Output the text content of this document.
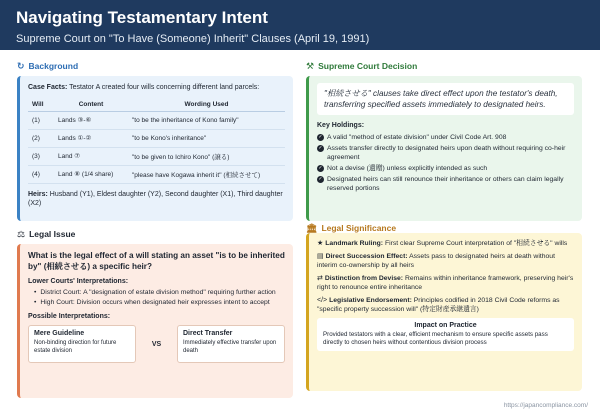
Navigating Testamentary Intent
Supreme Court on "To Have (Someone) Inherit" Clauses (April 19, 1991)
↻ Background
Case Facts: Testator A created four wills concerning different land parcels:
Will	Content	Wording Used
(1)	Lands ③-⑥	"to be the inheritance of Kono family"
(2)	Lands ①-②	"to be Kono's inheritance"
(3)	Land ⑦	"to be given to Ichiro Kono" (譲る)
(4)	Land ⑧ (1/4 share)	"please have Kogawa inherit it" (相続させて)
Heirs: Husband (Y1), Eldest daughter (Y2), Second daughter (X1), Third daughter (X2)
⚒ Supreme Court Decision
"相続させる" clauses take direct effect upon the testator's death, transferring specified assets immediately to designated heirs.
Key Holdings:
✓ A valid "method of estate division" under Civil Code Art. 908
✓ Assets transfer directly to designated heirs upon death without requiring co-heir agreement
✓ Not a devise (遺贈) unless explicitly intended as such
✓ Designated heirs can still renounce their inheritance or others can claim legally reserved portions
⚖ Legal Issue
What is the legal effect of a will stating an asset "is to be inherited by" (相続させる) a specific heir?
Lower Courts' Interpretations:
• District Court: A "designation of estate division method" requiring further action
• High Court: Division occurs when designated heir expresses intent to accept
Possible Interpretations:
Mere Guideline
Non-binding direction for future estate division
VS
Direct Transfer
Immediately effective transfer upon death
🏛 Legal Significance
★ Landmark Ruling: First clear Supreme Court interpretation of "相続させる" wills
▤ Direct Succession Effect: Assets pass to designated heirs at death without interim co-ownership by all heirs
⇄ Distinction from Devise: Remains within inheritance framework, preserving heir's right to renounce entire inheritance
</> Legislative Endorsement: Principles codified in 2018 Civil Code reforms as "specific property succession will" (特定財産承継遺言)
Impact on Practice
Provided testators with a clear, efficient mechanism to ensure specific assets pass directly to chosen heirs without contentious division process
https://japancompliance.com/
